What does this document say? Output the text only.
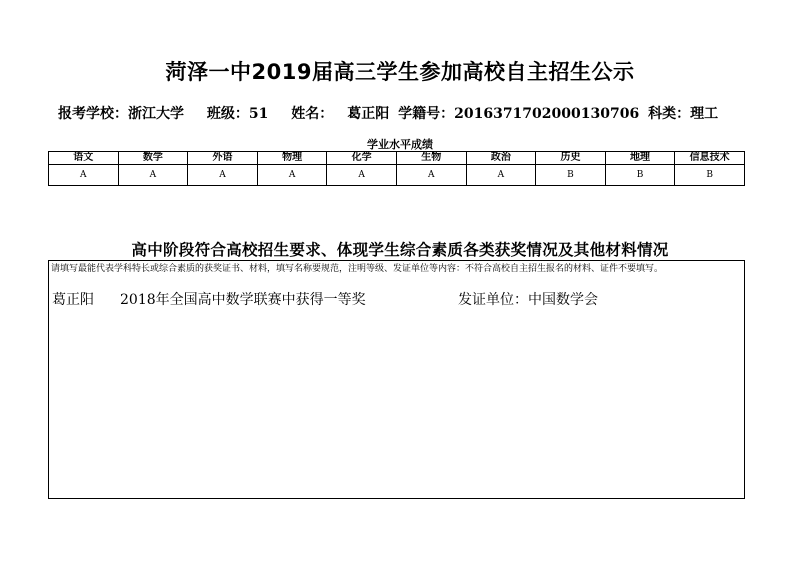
菏泽一中2019届高三学生参加高校自主招生公示
报考学校：浙江大学 班级：51 姓名： 葛正阳 学籍号：2016371702000130706 科类：理工
学业水平成绩
语文	数学	外语	物理	化学	生物	政治	历史	地理	信息技术
A	A	A	A	A	A	A	B	B	B
高中阶段符合高校招生要求、体现学生综合素质各类获奖情况及其他材料情况
请填写最能代表学科特长或综合素质的获奖证书、材料，填写名称要规范，注明等级、发证单位等内容：不符合高校自主招生报名的材料、证件不要填写。
葛正阳 2018年全国高中数学联赛中获得一等奖	发证单位：中国数学会
